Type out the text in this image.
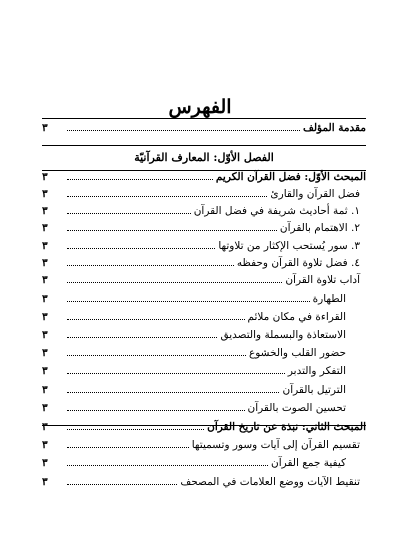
الفهرس
الفصل الأوّل: المعارف القرآنيّة
٣	مقدمة المؤلف
٣	المبحث الأوّل: فضل القرآن الكريم
٣	فضل القرآن والقارئ
٣	١. ثمة أحاديث شريفة في فضل القرآن
٣	٢. الاهتمام بالقرآن
٣	٣. سور يُستحب الإكثار من تلاوتها
٣	٤. فضل تلاوة القرآن وحفظه
٣	آداب تلاوة القرآن
٣	الطهارة
٣	القراءة في مكان ملائم
٣	الاستعاذة والبسملة والتصديق
٣	حضور القلب والخشوع
٣	التفكر والتدبر
٣	الترتيل بالقرآن
٣	تحسين الصوت بالقرآن
٣	المبحث الثاني: نبذة عن تاريخ القرآن
٣	تقسيم القرآن إلى آيات وسور وتسميتها
٣	كيفية جمع القرآن
٣	تنقيط الآيات ووضع العلامات في المصحف
